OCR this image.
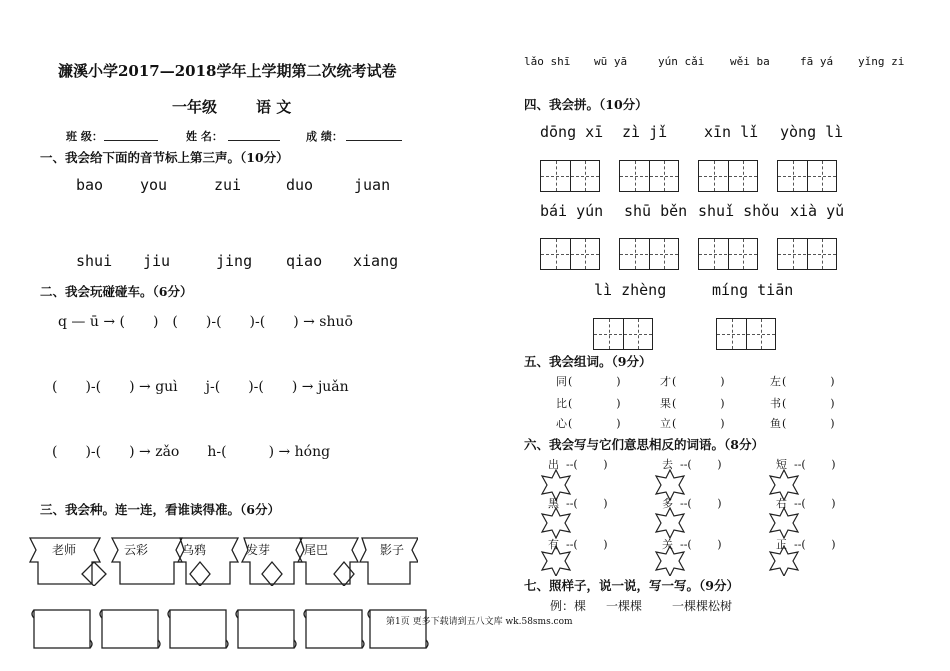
濂溪小学2017—2018学年上学期第二次统考试卷
一年级	语 文
班 级：	姓 名：	成 绩：
一、我会给下面的音节标上第三声。（10分）
bao you	zui	duo	juan
shui jiu	jing qiao xiang
二、我会玩碰碰车。（6分）
q — ū → (　　)　(　　)-(　　)-(　　) → shuō
(　　)-(　　) → guì　　j-(　　)-(　　) → juǎn
(　　)-(　　) → zǎo　　h-(　　　) → hóng
三、我会种。连一连，看谁读得准。（6分）
老师	云彩	乌鸦	发芽	尾巴	影子
lǎo shī wū yā	yún cǎi wěi ba	fā yá yǐng zi
四、我会拼。（10分）
dōng xī zì jǐ xīn lǐ yòng lì
bái yún shū běn shuǐ shǒu xià yǔ
lì zhèng	míng tiān
五、我会组词。（9分）
同 (　　　　)	才 (　　　　)	左 (　　　　)
比 (　　　　)	果 (　　　　)	书 (　　　　)
心 (　　　　)	立 (　　　　)	鱼 (　　　　)
六、我会写与它们意思相反的词语。（8分）
出 --(　　 )	去 --(　　 )	短 --(　　 )
黑 --(　　 )	多 --(　　 )	右 --(　　 )
有 --(　　 )	关 --(　　 )	正 --(　　 )
七、照样子，说一说，写一写。（9分）
例：棵 一棵棵 一棵棵松树
第1页 更多下载请到五八文库 wk.58sms.com
